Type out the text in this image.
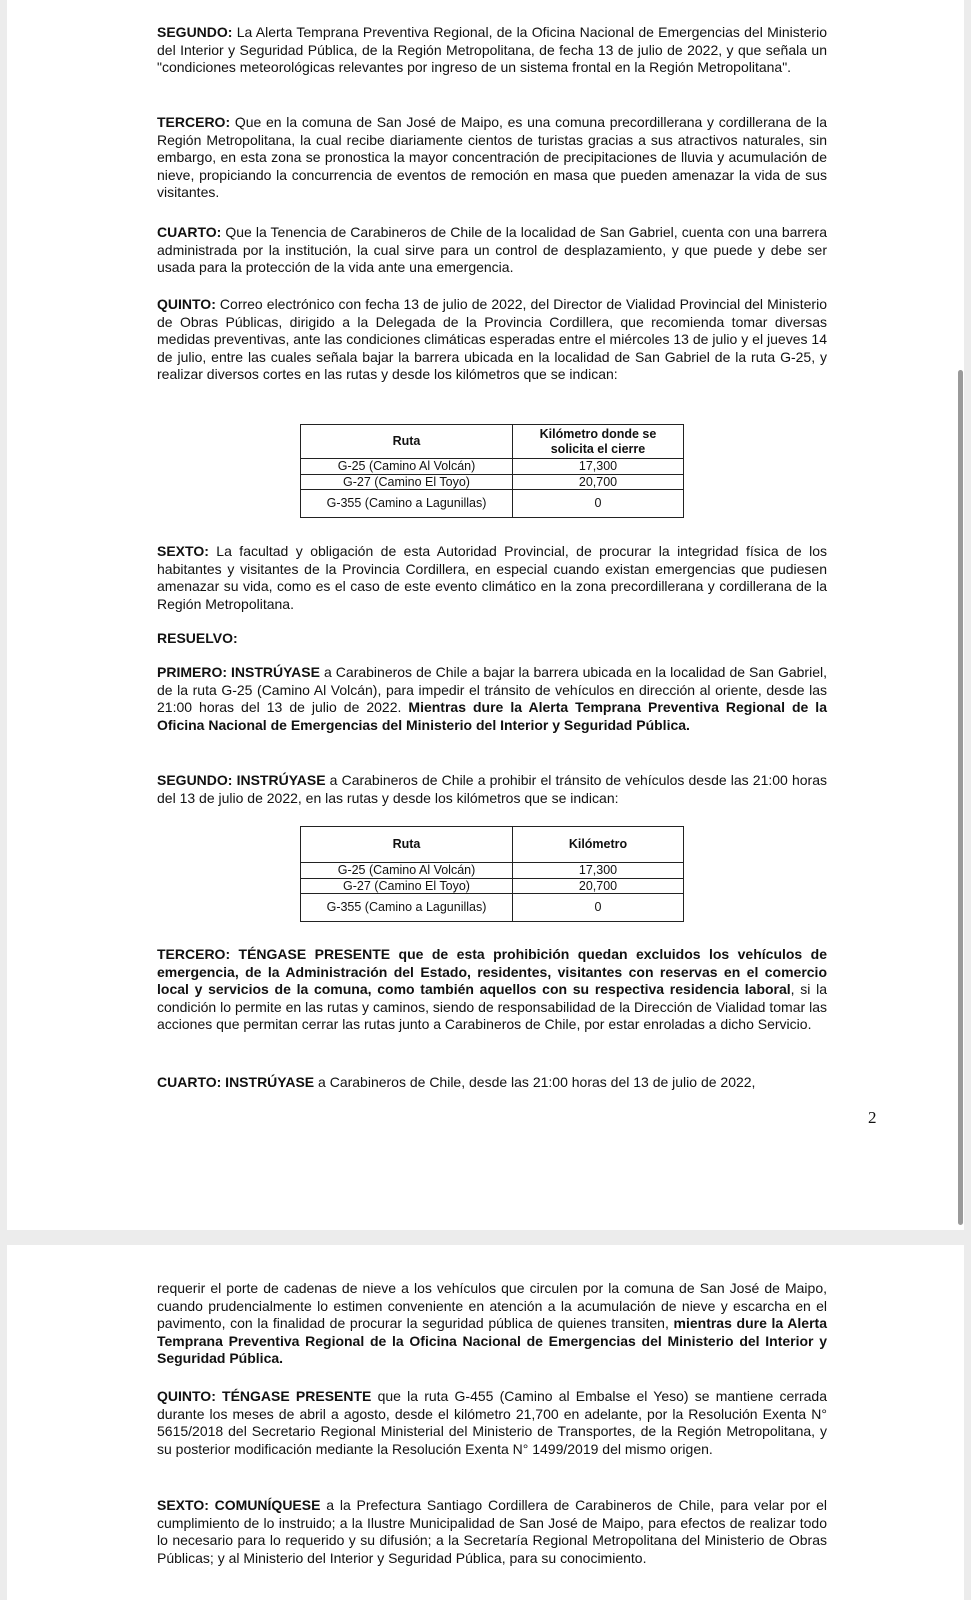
SEGUNDO: La Alerta Temprana Preventiva Regional, de la Oficina Nacional de Emergencias del Ministerio del Interior y Seguridad Pública, de la Región Metropolitana, de fecha 13 de julio de 2022, y que señala un "condiciones meteorológicas relevantes por ingreso de un sistema frontal en la Región Metropolitana".

TERCERO: Que en la comuna de San José de Maipo, es una comuna precordillerana y cordillerana de la Región Metropolitana, la cual recibe diariamente cientos de turistas gracias a sus atractivos naturales, sin embargo, en esta zona se pronostica la mayor concentración de precipitaciones de lluvia y acumulación de nieve, propiciando la concurrencia de eventos de remoción en masa que pueden amenazar la vida de sus visitantes.

CUARTO: Que la Tenencia de Carabineros de Chile de la localidad de San Gabriel, cuenta con una barrera administrada por la institución, la cual sirve para un control de desplazamiento, y que puede y debe ser usada para la protección de la vida ante una emergencia.

QUINTO: Correo electrónico con fecha 13 de julio de 2022, del Director de Vialidad Provincial del Ministerio de Obras Públicas, dirigido a la Delegada de la Provincia Cordillera, que recomienda tomar diversas medidas preventivas, ante las condiciones climáticas esperadas entre el miércoles 13 de julio y el jueves 14 de julio, entre las cuales señala bajar la barrera ubicada en la localidad de San Gabriel de la ruta G-25, y realizar diversos cortes en las rutas y desde los kilómetros que se indican:

Ruta	Kilómetro donde se
solicita el cierre
G-25 (Camino Al Volcán)	17,300
G-27 (Camino El Toyo)	20,700
G-355 (Camino a Lagunillas)	0

SEXTO: La facultad y obligación de esta Autoridad Provincial, de procurar la integridad física de los habitantes y visitantes de la Provincia Cordillera, en especial cuando existan emergencias que pudiesen amenazar su vida, como es el caso de este evento climático en la zona precordillerana y cordillerana de la Región Metropolitana.

RESUELVO:

PRIMERO: INSTRÚYASE a Carabineros de Chile a bajar la barrera ubicada en la localidad de San Gabriel, de la ruta G-25 (Camino Al Volcán), para impedir el tránsito de vehículos en dirección al oriente, desde las 21:00 horas del 13 de julio de 2022. Mientras dure la Alerta Temprana Preventiva Regional de la Oficina Nacional de Emergencias del Ministerio del Interior y Seguridad Pública.

SEGUNDO: INSTRÚYASE a Carabineros de Chile a prohibir el tránsito de vehículos desde las 21:00 horas del 13 de julio de 2022, en las rutas y desde los kilómetros que se indican:

Ruta	Kilómetro
G-25 (Camino Al Volcán)	17,300
G-27 (Camino El Toyo)	20,700
G-355 (Camino a Lagunillas)	0

TERCERO: TÉNGASE PRESENTE que de esta prohibición quedan excluidos los vehículos de emergencia, de la Administración del Estado, residentes, visitantes con reservas en el comercio local y servicios de la comuna, como también aquellos con su respectiva residencia laboral, si la condición lo permite en las rutas y caminos, siendo de responsabilidad de la Dirección de Vialidad tomar las acciones que permitan cerrar las rutas junto a Carabineros de Chile, por estar enroladas a dicho Servicio.

CUARTO: INSTRÚYASE a Carabineros de Chile, desde las 21:00 horas del 13 de julio de 2022,

2

requerir el porte de cadenas de nieve a los vehículos que circulen por la comuna de San José de Maipo, cuando prudencialmente lo estimen conveniente en atención a la acumulación de nieve y escarcha en el pavimento, con la finalidad de procurar la seguridad pública de quienes transiten, mientras dure la Alerta Temprana Preventiva Regional de la Oficina Nacional de Emergencias del Ministerio del Interior y Seguridad Pública.

QUINTO: TÉNGASE PRESENTE que la ruta G-455 (Camino al Embalse el Yeso) se mantiene cerrada durante los meses de abril a agosto, desde el kilómetro 21,700 en adelante, por la Resolución Exenta N° 5615/2018 del Secretario Regional Ministerial del Ministerio de Transportes, de la Región Metropolitana, y su posterior modificación mediante la Resolución Exenta N° 1499/2019 del mismo origen.

SEXTO: COMUNÍQUESE a la Prefectura Santiago Cordillera de Carabineros de Chile, para velar por el cumplimiento de lo instruido; a la Ilustre Municipalidad de San José de Maipo, para efectos de realizar todo lo necesario para lo requerido y su difusión; a la Secretaría Regional Metropolitana del Ministerio de Obras Públicas; y al Ministerio del Interior y Seguridad Pública, para su conocimiento.
